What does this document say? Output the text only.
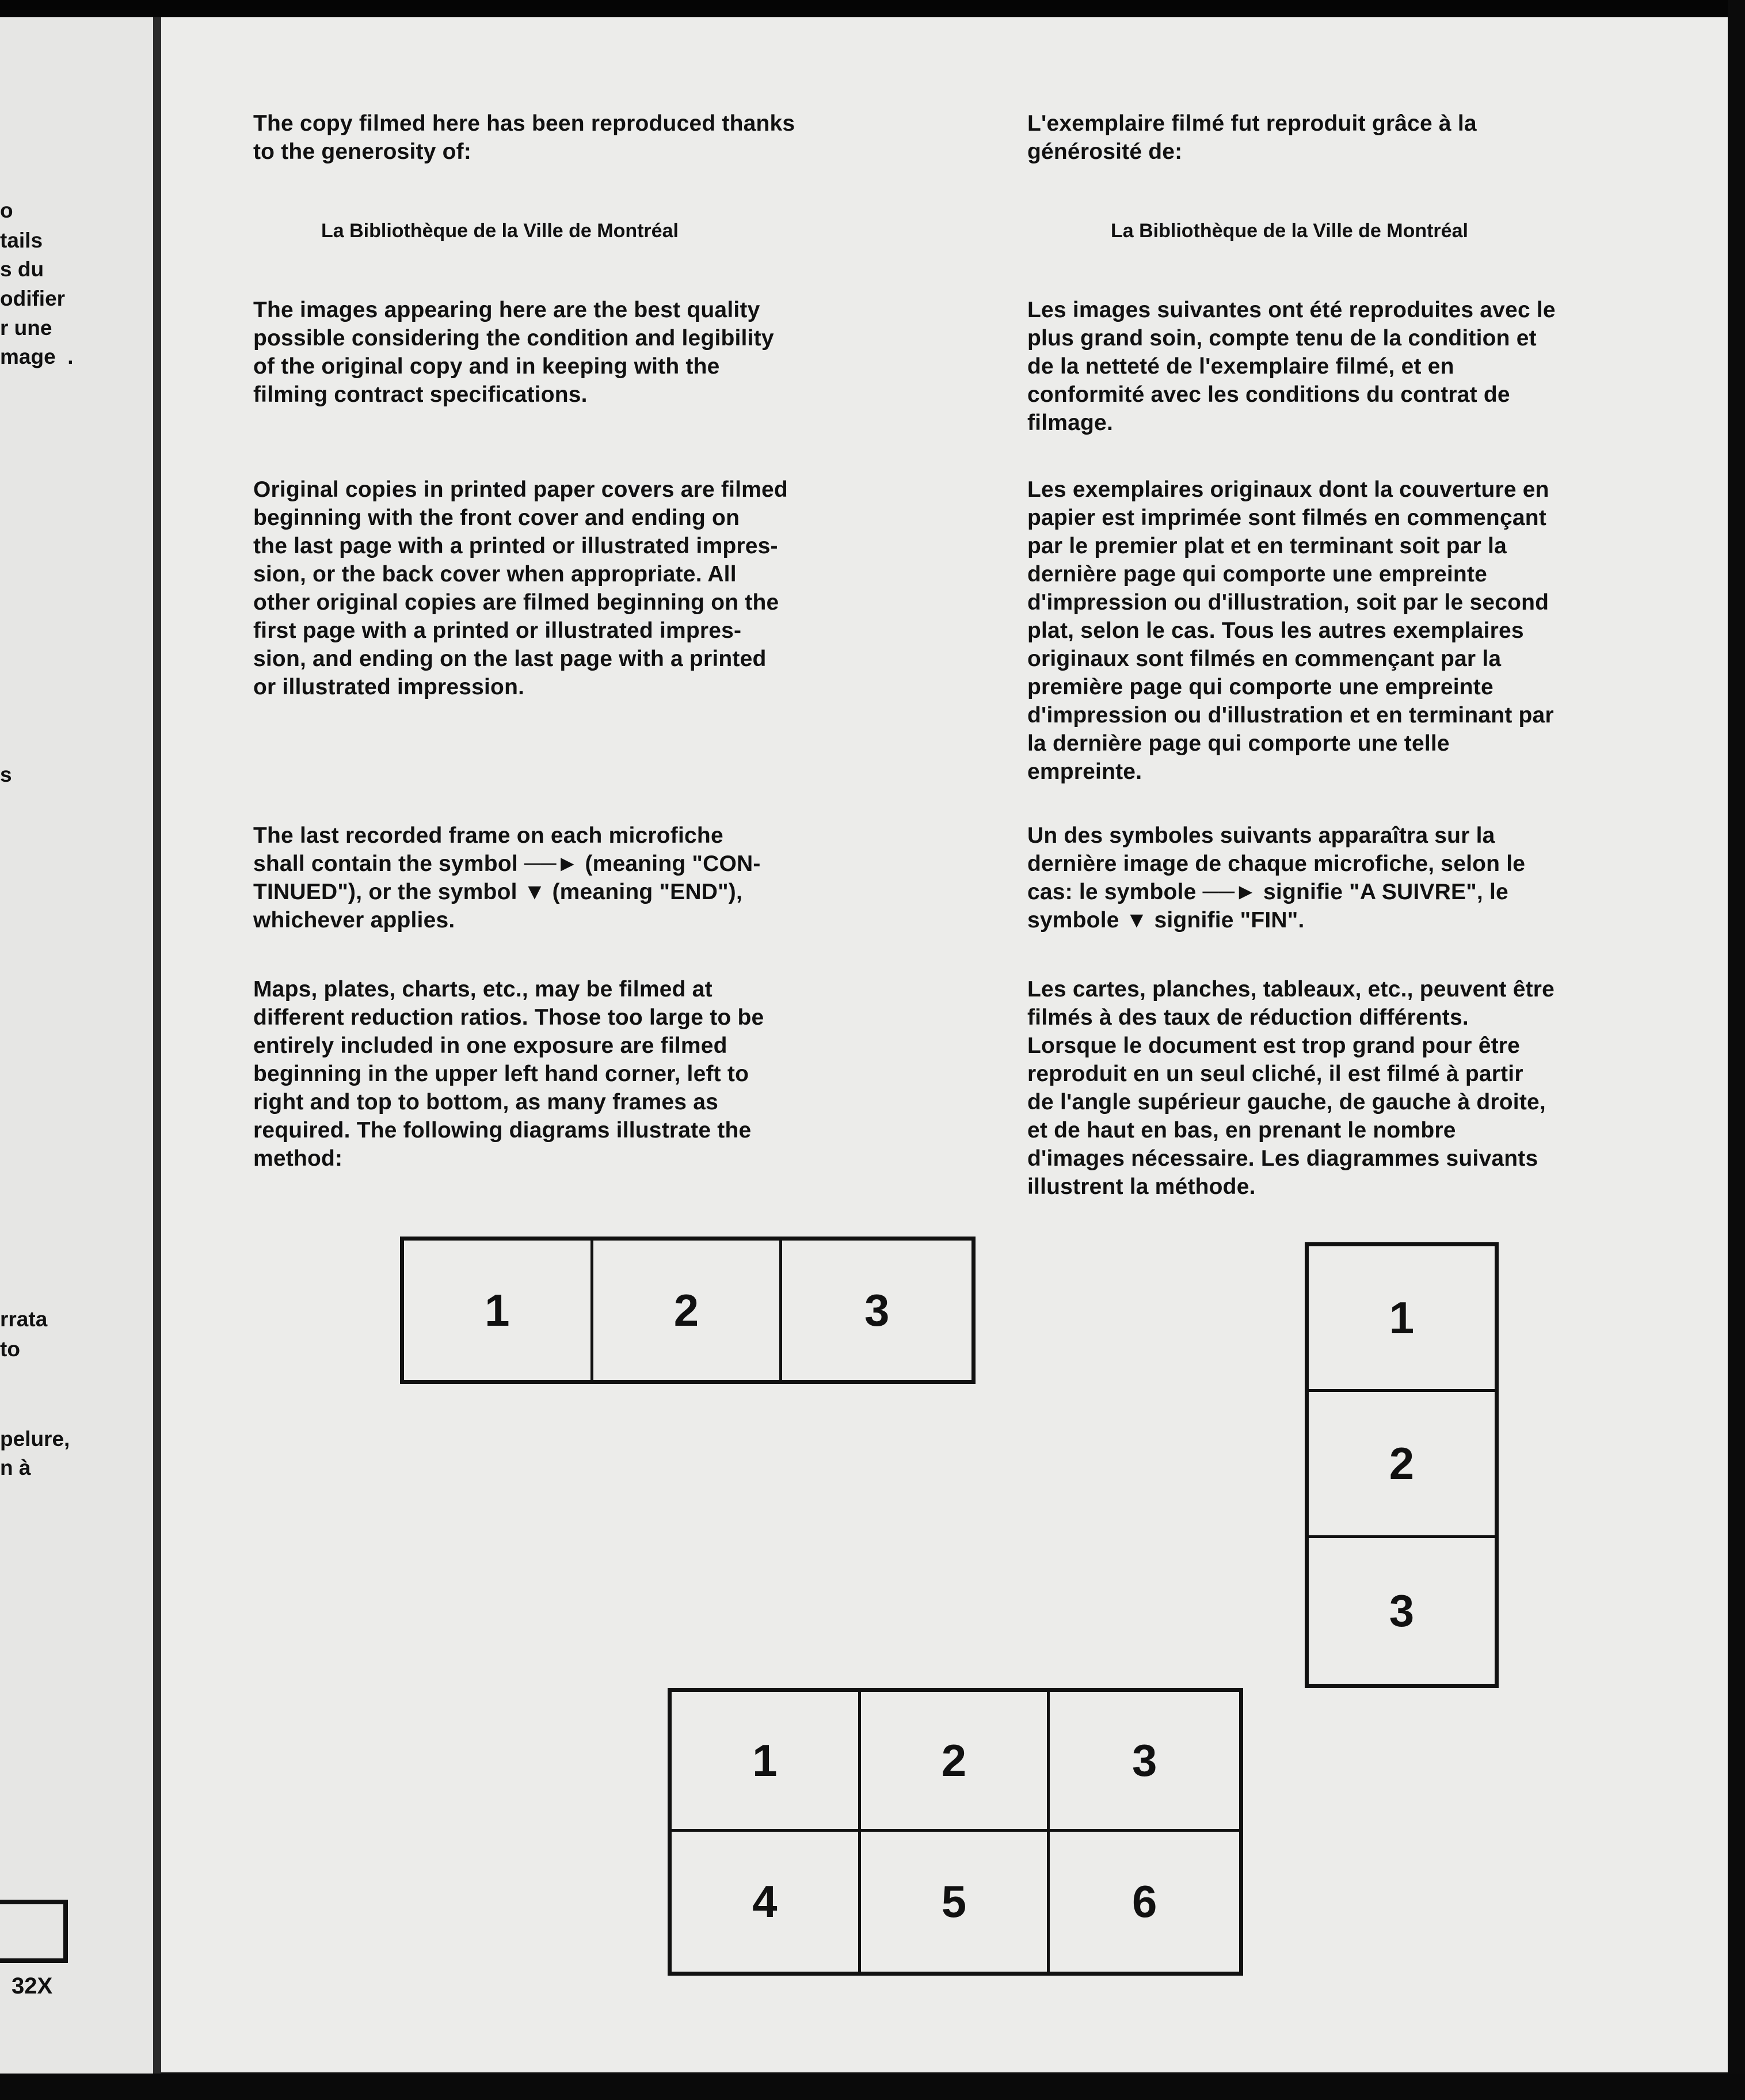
o
tails
s du
odifier
r une
mage  .
s
rrata
to
pelure,
n à
32X

The copy filmed here has been reproduced thanks
to the generosity of:

La Bibliothèque de la Ville de Montréal

The images appearing here are the best quality
possible considering the condition and legibility
of the original copy and in keeping with the
filming contract specifications.

Original copies in printed paper covers are filmed
beginning with the front cover and ending on
the last page with a printed or illustrated impres-
sion, or the back cover when appropriate. All
other original copies are filmed beginning on the
first page with a printed or illustrated impres-
sion, and ending on the last page with a printed
or illustrated impression.

The last recorded frame on each microfiche
shall contain the symbol ──► (meaning "CON-
TINUED"), or the symbol ▼ (meaning "END"),
whichever applies.

Maps, plates, charts, etc., may be filmed at
different reduction ratios. Those too large to be
entirely included in one exposure are filmed
beginning in the upper left hand corner, left to
right and top to bottom, as many frames as
required. The following diagrams illustrate the
method:

L'exemplaire filmé fut reproduit grâce à la
générosité de:

La Bibliothèque de la Ville de Montréal

Les images suivantes ont été reproduites avec le
plus grand soin, compte tenu de la condition et
de la netteté de l'exemplaire filmé, et en
conformité avec les conditions du contrat de
filmage.

Les exemplaires originaux dont la couverture en
papier est imprimée sont filmés en commençant
par le premier plat et en terminant soit par la
dernière page qui comporte une empreinte
d'impression ou d'illustration, soit par le second
plat, selon le cas. Tous les autres exemplaires
originaux sont filmés en commençant par la
première page qui comporte une empreinte
d'impression ou d'illustration et en terminant par
la dernière page qui comporte une telle
empreinte.

Un des symboles suivants apparaîtra sur la
dernière image de chaque microfiche, selon le
cas: le symbole ──► signifie "A SUIVRE", le
symbole ▼ signifie "FIN".

Les cartes, planches, tableaux, etc., peuvent être
filmés à des taux de réduction différents.
Lorsque le document est trop grand pour être
reproduit en un seul cliché, il est filmé à partir
de l'angle supérieur gauche, de gauche à droite,
et de haut en bas, en prenant le nombre
d'images nécessaire. Les diagrammes suivants
illustrent la méthode.

1	2	3	1
2
3
1	2	3
4	5	6
